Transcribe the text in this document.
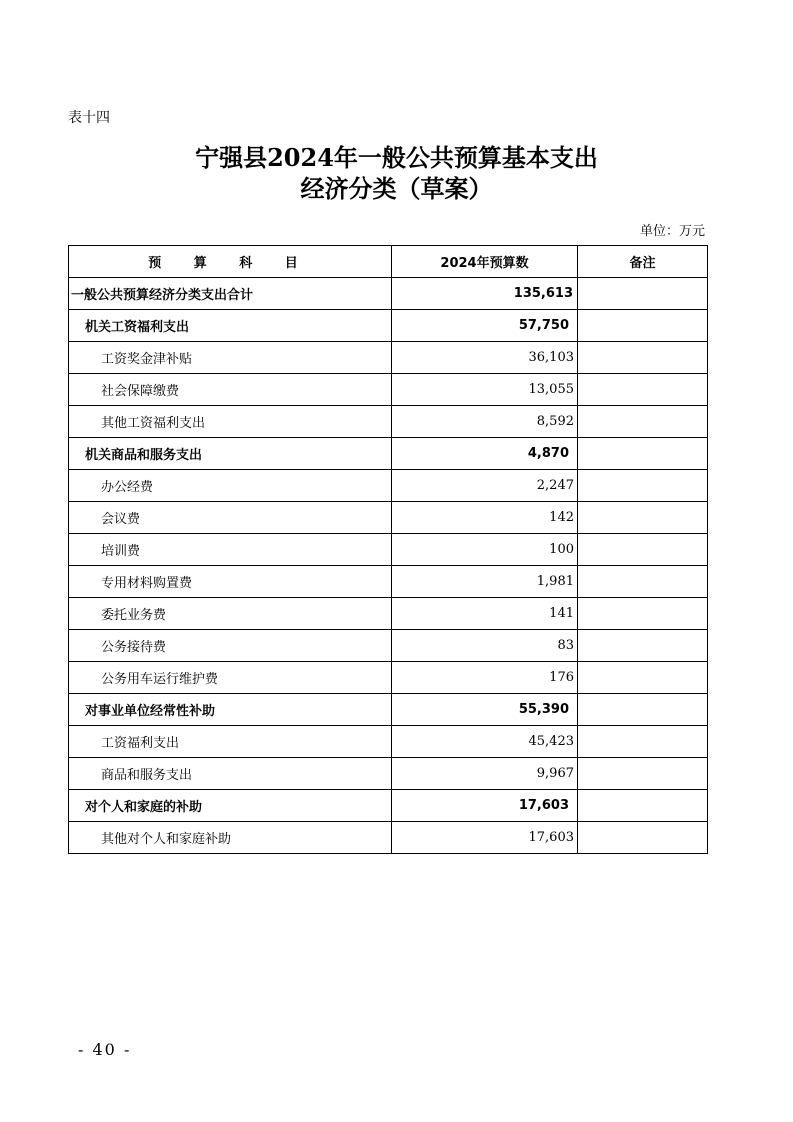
表十四
宁强县2024年一般公共预算基本支出
经济分类（草案）
单位：万元
预 算 科 目	2024年预算数	备注
一般公共预算经济分类支出合计	135,613	
机关工资福利支出	57,750	
工资奖金津补贴	36,103	
社会保障缴费	13,055	
其他工资福利支出	8,592	
机关商品和服务支出	4,870	
办公经费	2,247	
会议费	142	
培训费	100	
专用材料购置费	1,981	
委托业务费	141	
公务接待费	83	
公务用车运行维护费	176	
对事业单位经常性补助	55,390	
工资福利支出	45,423	
商品和服务支出	9,967	
对个人和家庭的补助	17,603	
其他对个人和家庭补助	17,603	
- 40 -
